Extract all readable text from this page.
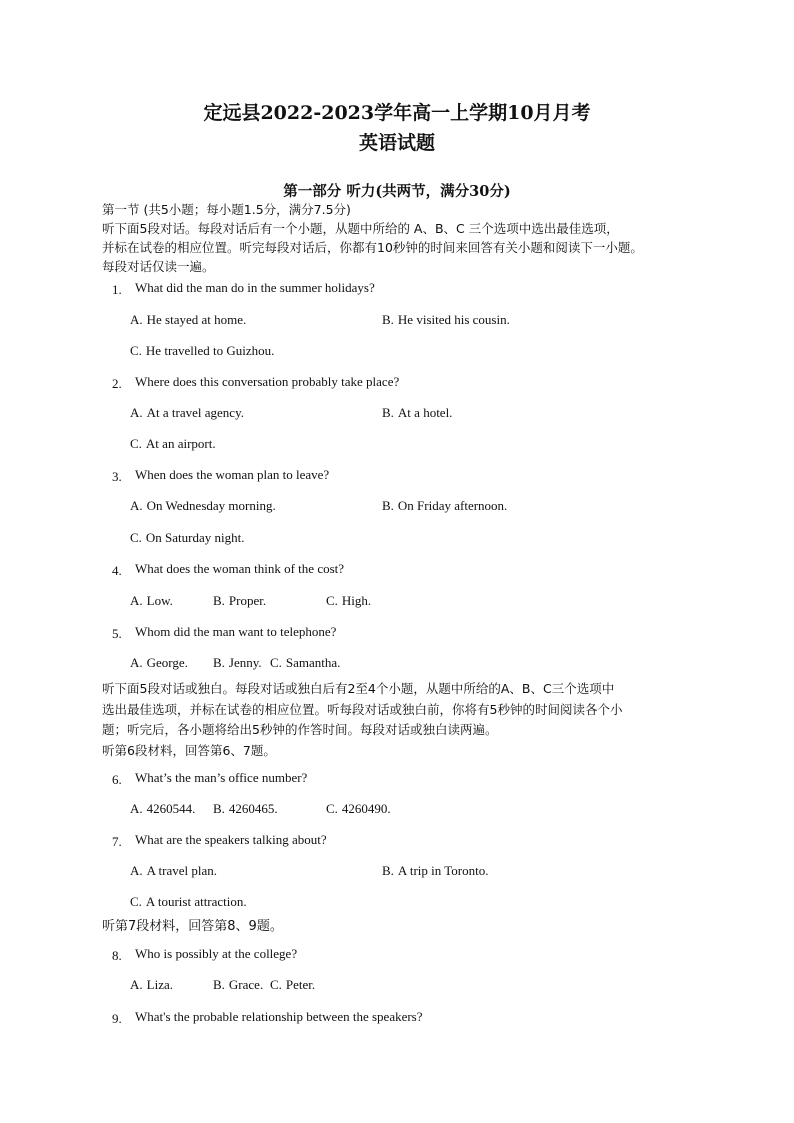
定远县2022-2023学年高一上学期10月月考
英语试题
第一部分 听力(共两节，满分30分)
第一节 (共5小题；每小题1.5分，满分7.5分)
听下面5段对话。每段对话后有一个小题，从题中所给的 A、B、C 三个选项中选出最佳选项，
并标在试卷的相应位置。听完每段对话后，你都有10秒钟的时间来回答有关小题和阅读下一小题。
每段对话仅读一遍。
1. What did the man do in the summer holidays?
A. He stayed at home.	B. He visited his cousin.
C. He travelled to Guizhou.
2. Where does this conversation probably take place?
A. At a travel agency.	B. At a hotel.
C. At an airport.
3. When does the woman plan to leave?
A. On Wednesday morning.	B. On Friday afternoon.
C. On Saturday night.
4. What does the woman think of the cost?
A. Low.	B. Proper.	C. High.
5. Whom did the man want to telephone?
A. George. B. Jenny. C. Samantha.
听下面5段对话或独白。每段对话或独白后有2至4个小题，从题中所给的A、B、C三个选项中
选出最佳选项，并标在试卷的相应位置。听每段对话或独白前，你将有5秒钟的时间阅读各个小
题；听完后，各小题将给出5秒钟的作答时间。每段对话或独白读两遍。
听第6段材料，回答第6、7题。
6. What’s the man’s office number?
A. 4260544. B. 4260465.	C. 4260490.
7. What are the speakers talking about?
A. A travel plan.	B. A trip in Toronto.
C. A tourist attraction.
听第7段材料，回答第8、9题。
8. Who is possibly at the college?
A. Liza.	B. Grace. C. Peter.
9. What's the probable relationship between the speakers?
